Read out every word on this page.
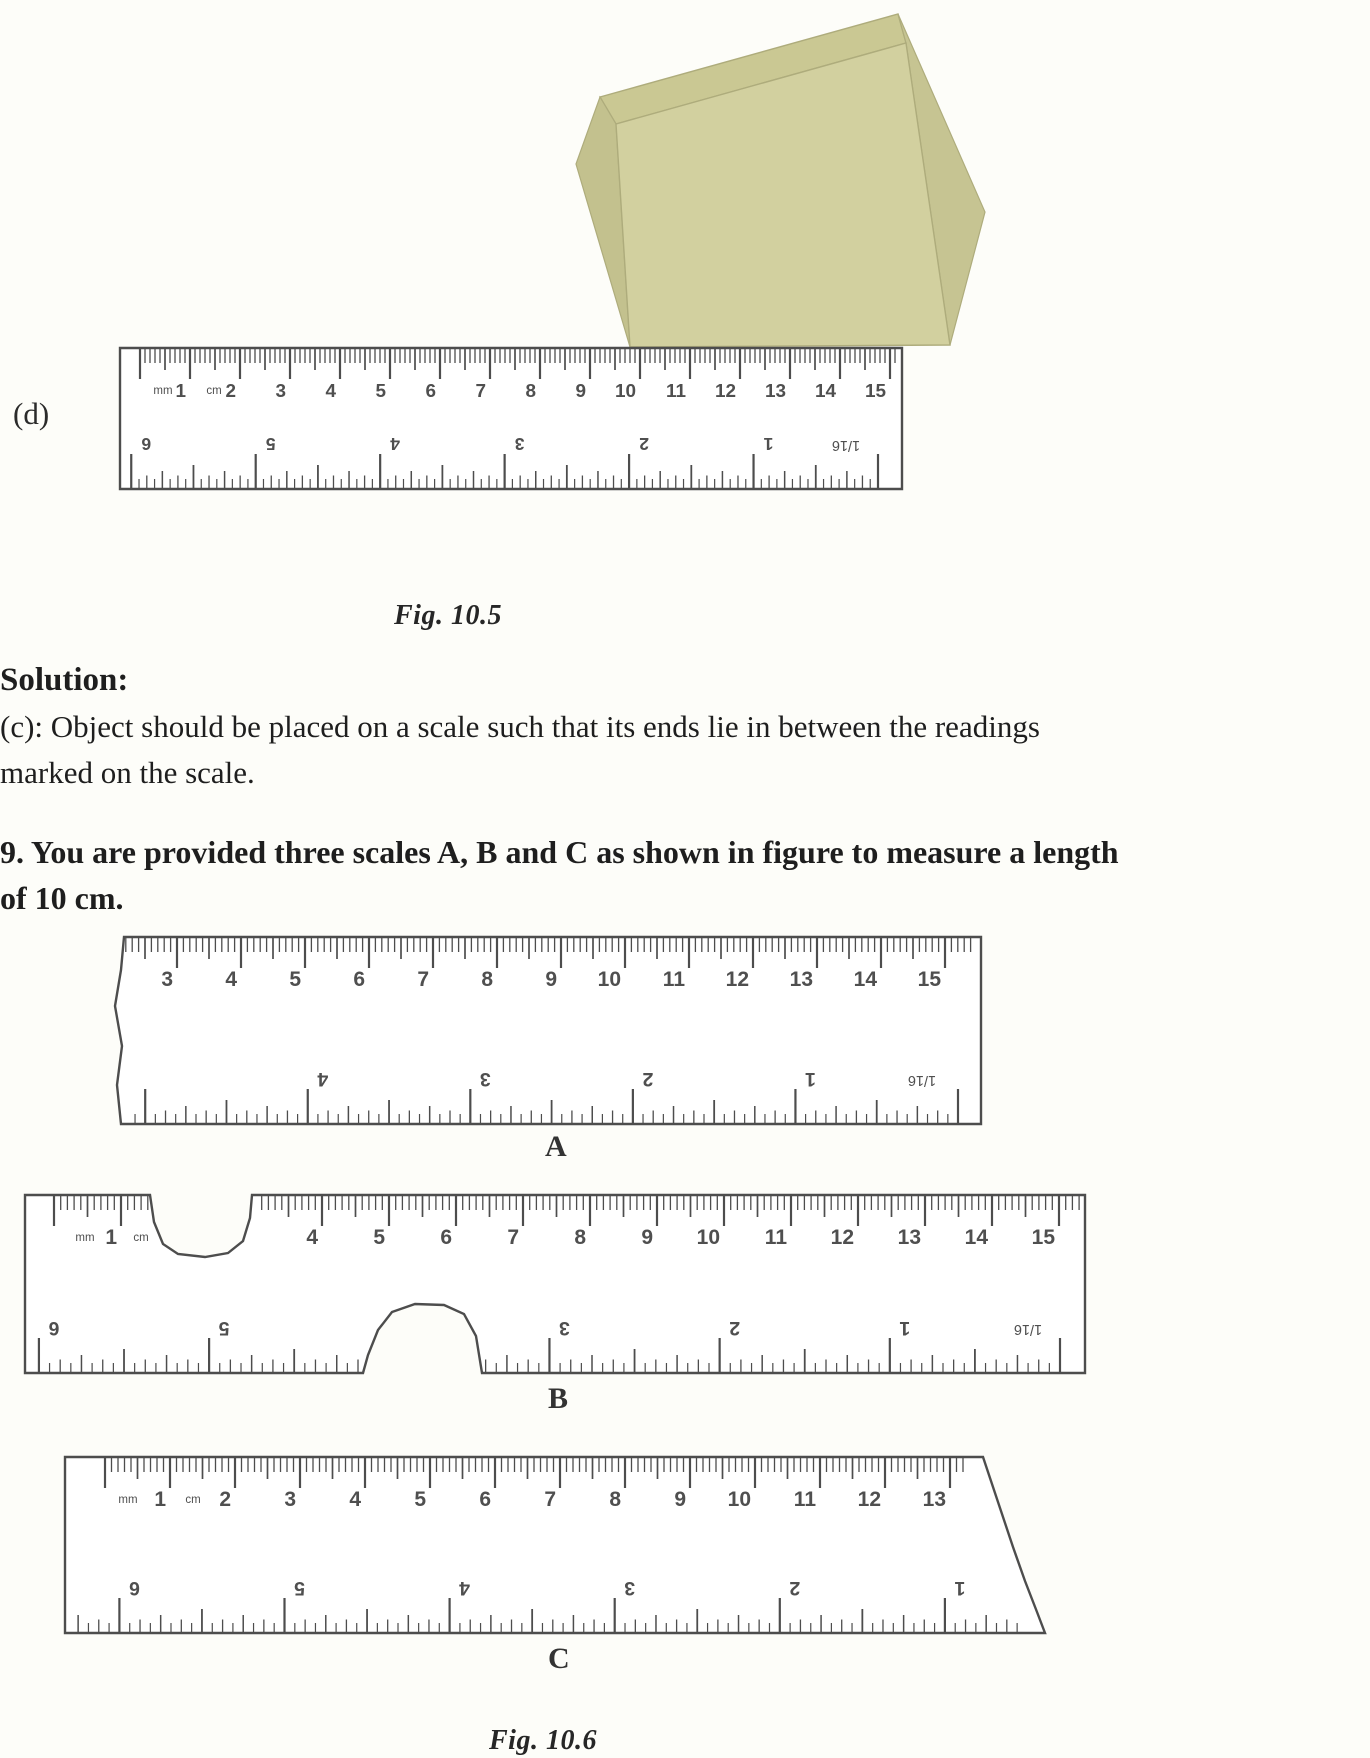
(d)
1 2 3 4 5 6 7 8 9 10 11 12 13 14 15
mm	cm
6	5	4	3	2	1	1/16
Fig. 10.5
Solution:
(c): Object should be placed on a scale such that its ends lie in between the readings
marked on the scale.
9. You are provided three scales A, B and C as shown in figure to measure a length
of 10 cm.
3 4 5 6 7 8 9 10 11 12 13 14 15
4	3	2	1	1/16
A
1	4	5	6	7	8	9 10 11 12 13 14 15
mm	cm
6	5	3	2	1	1/16
B
1	2	3	4	5	6	7	8	9 10 11 12 13
mm	cm
6	5	4	3	2	1
C
Fig. 10.6
